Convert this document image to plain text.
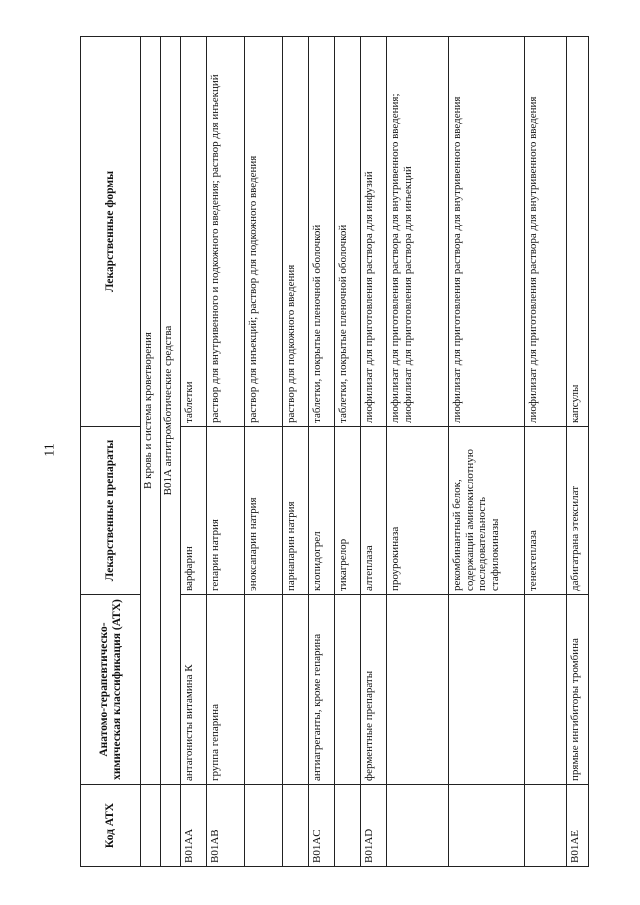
11
Код АТХ	Анатомо-терапевтическо-химическая классификация (АТХ)	Лекарственные препараты	Лекарственные формы
	В кровь и система кроветворения		
	В01А антитромботические средства		
B01AA	антагонисты витамина К	варфарин	таблетки
B01AB	группа гепарина	гепарин натрия	раствор для внутривенного и подкожного введения; раствор для инъекций
		эноксапарин натрия	раствор для инъекций; раствор для подкожного введения
		парнапарин натрия	раствор для подкожного введения
B01AC	антиагреганты, кроме гепарина	клопидогрел	таблетки, покрытые пленочной оболочкой
		тикагрелор	таблетки, покрытые пленочной оболочкой
B01AD	ферментные препараты	алтеплаза	лиофилизат для приготовления раствора для инфузий
		проурокиназа	лиофилизат для приготовления раствора для внутривенного введения; лиофилизат для приготовления раствора для инъекций
		рекомбинантный белок, содержащий аминокислотную последовательность стафилокиназы	лиофилизат для приготовления раствора для внутривенного введения
		тенектеплаза	лиофилизат для приготовления раствора для внутривенного введения
B01AE	прямые ингибиторы тромбина	дабигатрана этексилат	капсулы
